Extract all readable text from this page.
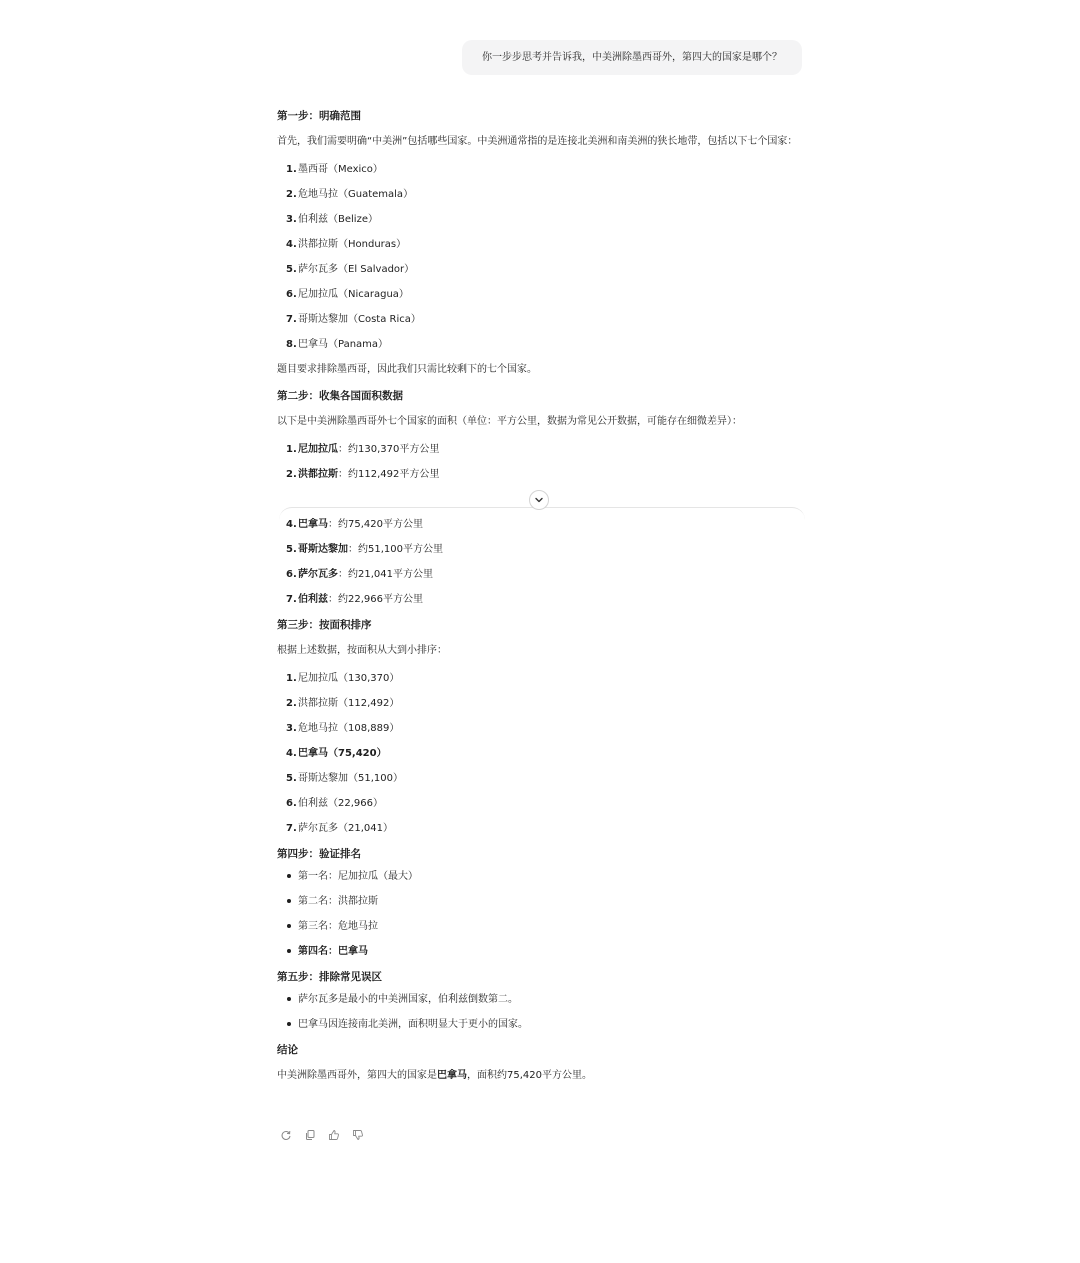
你一步步思考并告诉我，中美洲除墨西哥外，第四大的国家是哪个？
第一步：明确范围
首先，我们需要明确“中美洲”包括哪些国家。中美洲通常指的是连接北美洲和南美洲的狭长地带，包括以下七个国家：
1. 墨西哥（Mexico）
2. 危地马拉（Guatemala）
3. 伯利兹（Belize）
4. 洪都拉斯（Honduras）
5. 萨尔瓦多（El Salvador）
6. 尼加拉瓜（Nicaragua）
7. 哥斯达黎加（Costa Rica）
8. 巴拿马（Panama）
题目要求排除墨西哥，因此我们只需比较剩下的七个国家。
第二步：收集各国面积数据
以下是中美洲除墨西哥外七个国家的面积（单位：平方公里，数据为常见公开数据，可能存在细微差异）：
1. 尼加拉瓜：约130,370平方公里
2. 洪都拉斯：约112,492平方公里
4. 巴拿马：约75,420平方公里
5. 哥斯达黎加：约51,100平方公里
6. 萨尔瓦多：约21,041平方公里
7. 伯利兹：约22,966平方公里
第三步：按面积排序
根据上述数据，按面积从大到小排序：
1. 尼加拉瓜（130,370）
2. 洪都拉斯（112,492）
3. 危地马拉（108,889）
4. 巴拿马（75,420）
5. 哥斯达黎加（51,100）
6. 伯利兹（22,966）
7. 萨尔瓦多（21,041）
第四步：验证排名
第一名：尼加拉瓜（最大）
第二名：洪都拉斯
第三名：危地马拉
第四名：巴拿马
第五步：排除常见误区
萨尔瓦多是最小的中美洲国家，伯利兹倒数第二。
巴拿马因连接南北美洲，面积明显大于更小的国家。
结论
中美洲除墨西哥外，第四大的国家是巴拿马，面积约75,420平方公里。
